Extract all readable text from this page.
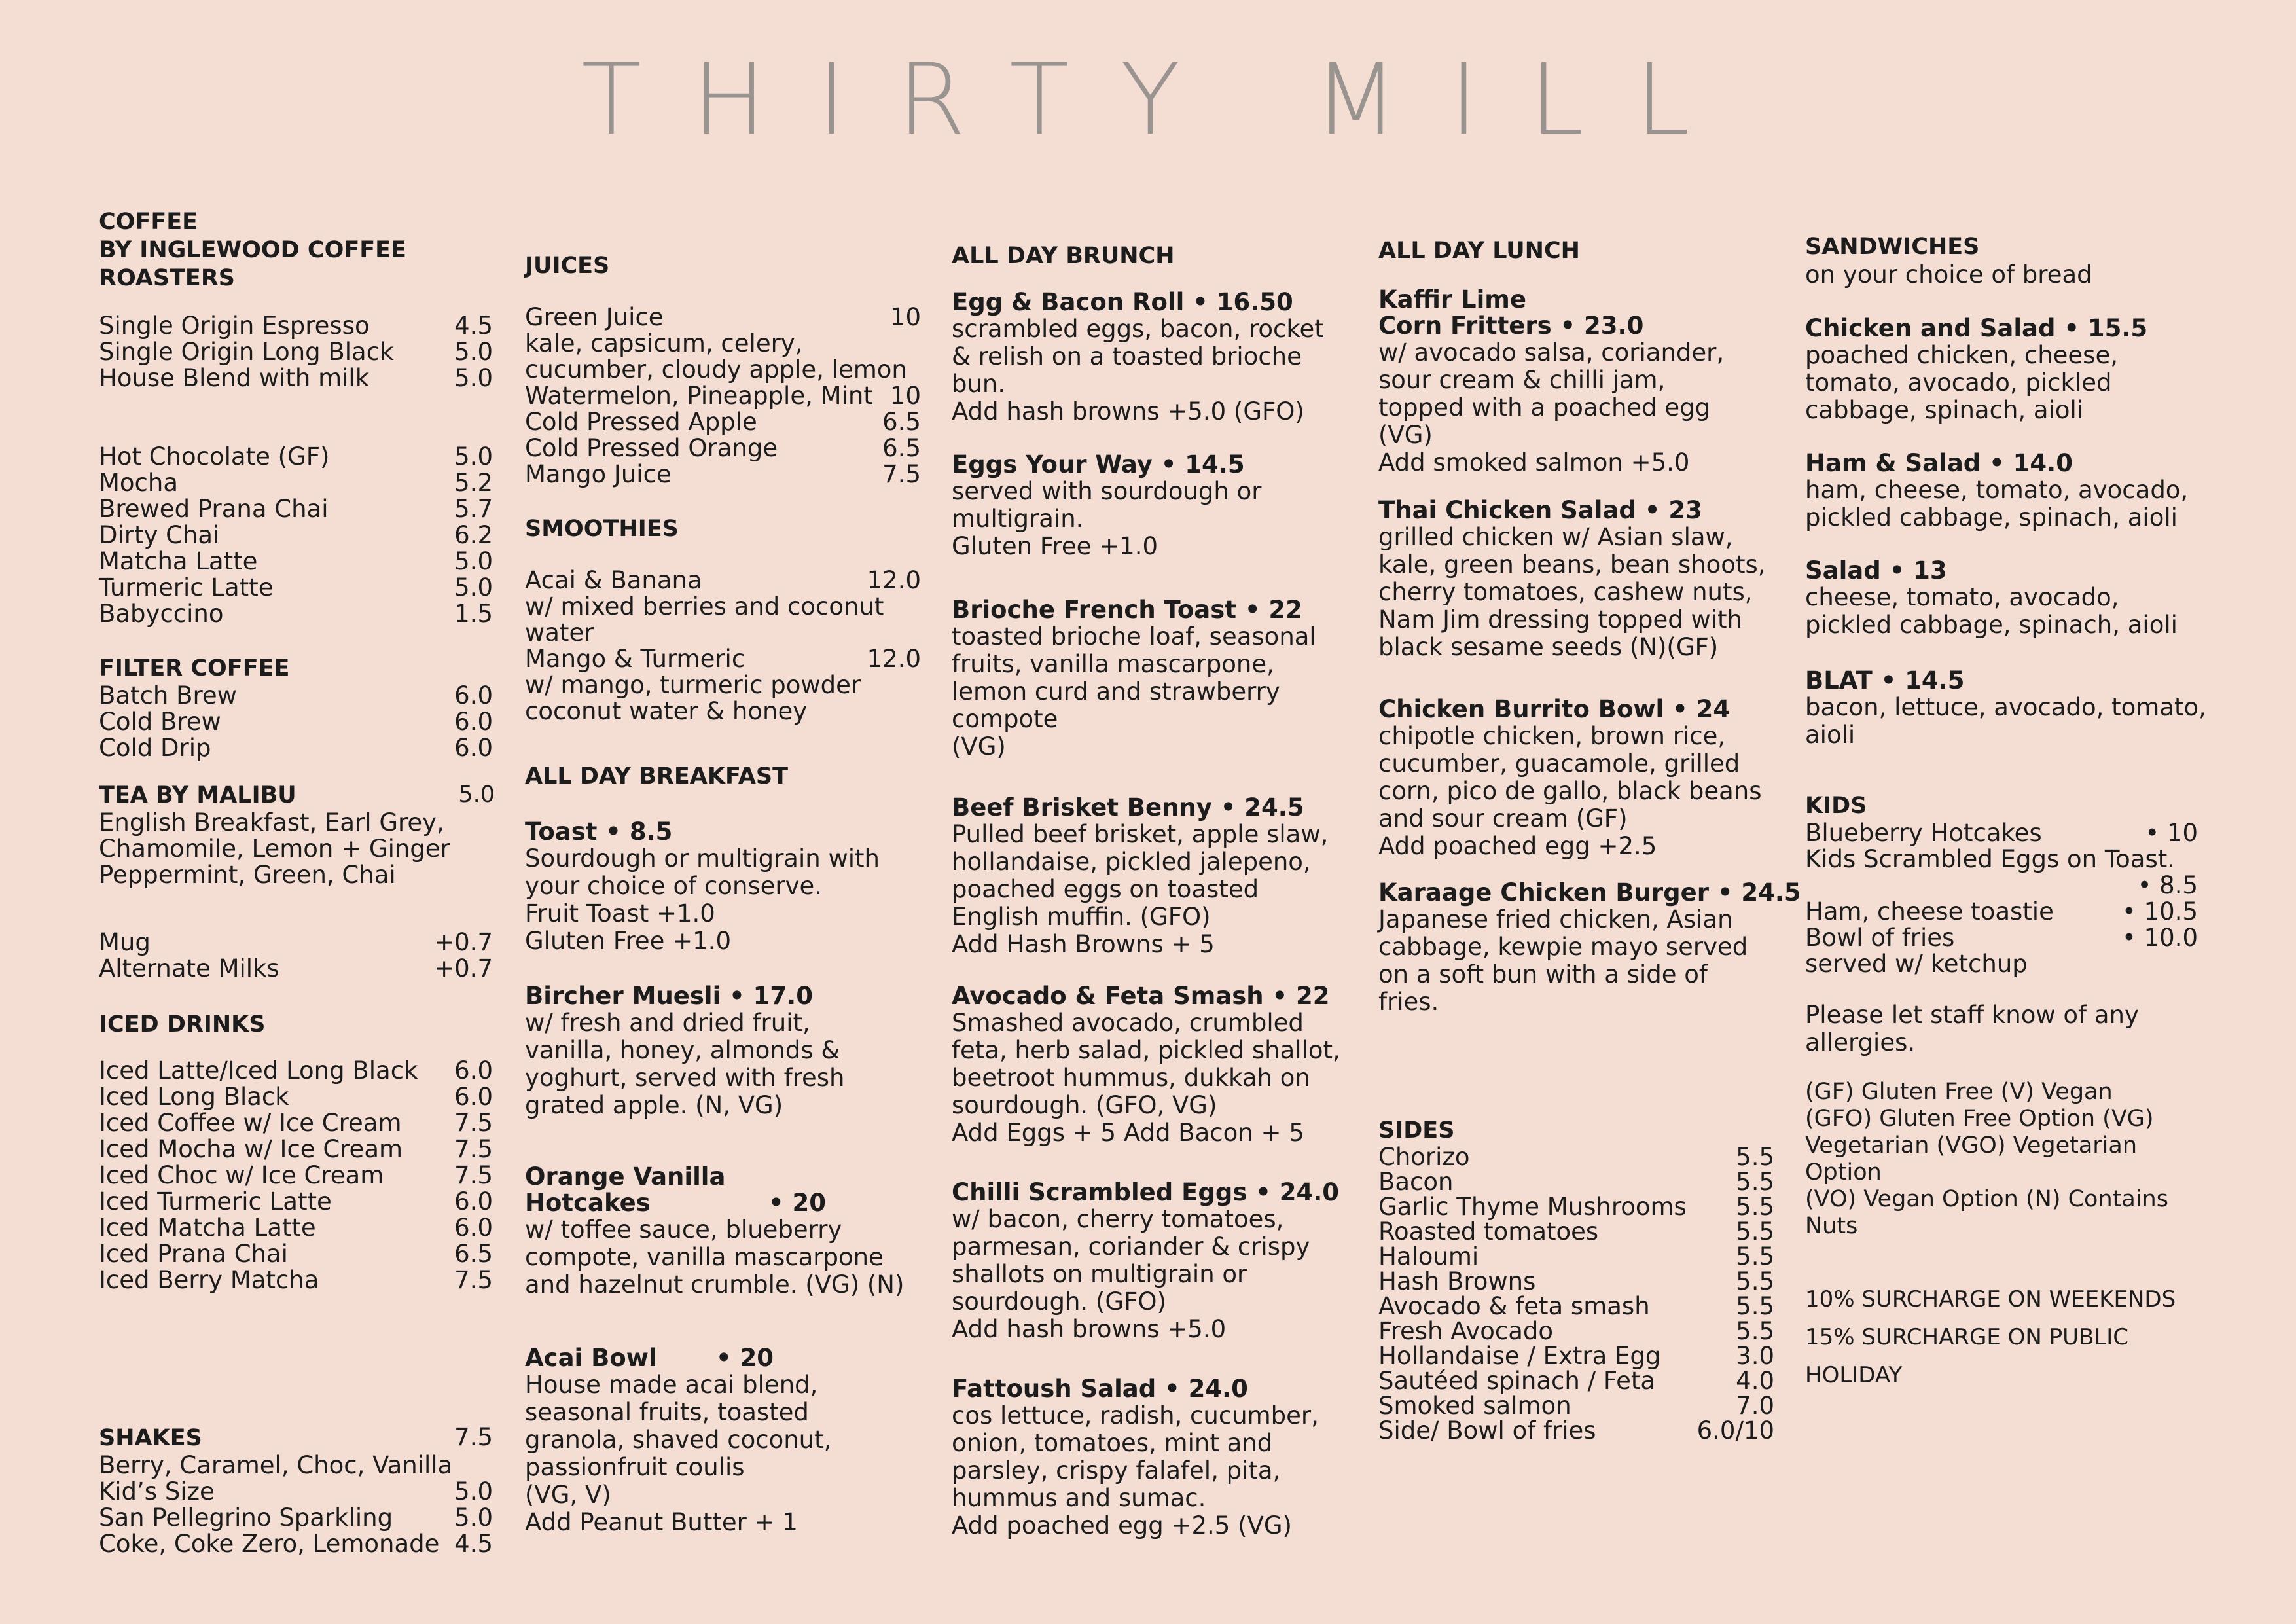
THIRTY MILL
COFFEE
BY INGLEWOOD COFFEE
ROASTERS
Single Origin Espresso	4.5
Single Origin Long Black	5.0
House Blend with milk	5.0
Hot Chocolate (GF)	5.0
Mocha	5.2
Brewed Prana Chai	5.7
Dirty Chai	6.2
Matcha Latte	5.0
Turmeric Latte	5.0
Babyccino	1.5
FILTER COFFEE
Batch Brew	6.0
Cold Brew	6.0
Cold Drip	6.0
TEA BY MALIBU	5.0
English Breakfast, Earl Grey,
Chamomile, Lemon + Ginger
Peppermint, Green, Chai
Mug	+0.7
Alternate Milks	+0.7
ICED DRINKS
Iced Latte/Iced Long Black 6.0
Iced Long Black	6.0
Iced Coffee w/ Ice Cream 7.5
Iced Mocha w/ Ice Cream 7.5
Iced Choc w/ Ice Cream	7.5
Iced Turmeric Latte	6.0
Iced Matcha Latte	6.0
Iced Prana Chai	6.5
Iced Berry Matcha	7.5
SHAKES	7.5
Berry, Caramel, Choc, Vanilla
Kid’s Size	5.0
San Pellegrino Sparkling	5.0
Coke, Coke Zero, Lemonade 4.5
JUICES
Green Juice	10
kale, capsicum, celery,
cucumber, cloudy apple, lemon
Watermelon, Pineapple, Mint 10
Cold Pressed Apple	6.5
Cold Pressed Orange	6.5
Mango Juice	7.5
SMOOTHIES
Acai & Banana	12.0
w/ mixed berries and coconut
water
Mango & Turmeric	12.0
w/ mango, turmeric powder
coconut water & honey
ALL DAY BREAKFAST
Toast • 8.5
Sourdough or multigrain with
your choice of conserve.
Fruit Toast +1.0
Gluten Free +1.0
Bircher Muesli • 17.0
w/ fresh and dried fruit,
vanilla, honey, almonds &
yoghurt, served with fresh
grated apple. (N, VG)
Orange Vanilla
Hotcakes	• 20
w/ toffee sauce, blueberry
compote, vanilla mascarpone
and hazelnut crumble. (VG) (N)
Acai Bowl • 20
House made acai blend,
seasonal fruits, toasted
granola, shaved coconut,
passionfruit coulis
(VG, V)
Add Peanut Butter + 1
ALL DAY BRUNCH
Egg & Bacon Roll • 16.50
scrambled eggs, bacon, rocket
& relish on a toasted brioche
bun.
Add hash browns +5.0 (GFO)
Eggs Your Way • 14.5
served with sourdough or
multigrain.
Gluten Free +1.0
Brioche French Toast • 22
toasted brioche loaf, seasonal
fruits, vanilla mascarpone,
lemon curd and strawberry
compote
(VG)
Beef Brisket Benny • 24.5
Pulled beef brisket, apple slaw,
hollandaise, pickled jalepeno,
poached eggs on toasted
English muffin. (GFO)
Add Hash Browns + 5
Avocado & Feta Smash • 22
Smashed avocado, crumbled
feta, herb salad, pickled shallot,
beetroot hummus, dukkah on
sourdough. (GFO, VG)
Add Eggs + 5 Add Bacon + 5
Chilli Scrambled Eggs • 24.0
w/ bacon, cherry tomatoes,
parmesan, coriander & crispy
shallots on multigrain or
sourdough. (GFO)
Add hash browns +5.0
Fattoush Salad • 24.0
cos lettuce, radish, cucumber,
onion, tomatoes, mint and
parsley, crispy falafel, pita,
hummus and sumac.
Add poached egg +2.5 (VG)
ALL DAY LUNCH
Kaffir Lime
Corn Fritters • 23.0
w/ avocado salsa, coriander,
sour cream & chilli jam,
topped with a poached egg
(VG)
Add smoked salmon +5.0
Thai Chicken Salad • 23
grilled chicken w/ Asian slaw,
kale, green beans, bean shoots,
cherry tomatoes, cashew nuts,
Nam Jim dressing topped with
black sesame seeds (N)(GF)
Chicken Burrito Bowl • 24
chipotle chicken, brown rice,
cucumber, guacamole, grilled
corn, pico de gallo, black beans
and sour cream (GF)
Add poached egg +2.5
Karaage Chicken Burger • 24.5
Japanese fried chicken, Asian
cabbage, kewpie mayo served
on a soft bun with a side of
fries.
SIDES
Chorizo	5.5
Bacon	5.5
Garlic Thyme Mushrooms 5.5
Roasted tomatoes	5.5
Haloumi	5.5
Hash Browns	5.5
Avocado & feta smash	5.5
Fresh Avocado	5.5
Hollandaise / Extra Egg	3.0
Sautéed spinach / Feta	4.0
Smoked salmon	7.0
Side/ Bowl of fries	6.0/10
SANDWICHES
on your choice of bread
Chicken and Salad • 15.5
poached chicken, cheese,
tomato, avocado, pickled
cabbage, spinach, aioli
Ham & Salad • 14.0
ham, cheese, tomato, avocado,
pickled cabbage, spinach, aioli
Salad • 13
cheese, tomato, avocado,
pickled cabbage, spinach, aioli
BLAT • 14.5
bacon, lettuce, avocado, tomato,
aioli
KIDS
Blueberry Hotcakes	• 10
Kids Scrambled Eggs on Toast.
• 8.5
Ham, cheese toastie	• 10.5
Bowl of fries	• 10.0
served w/ ketchup
Please let staff know of any
allergies.
(GF) Gluten Free (V) Vegan
(GFO) Gluten Free Option (VG)
Vegetarian (VGO) Vegetarian
Option
(VO) Vegan Option (N) Contains
Nuts
10% SURCHARGE ON WEEKENDS
15% SURCHARGE ON PUBLIC
HOLIDAY
